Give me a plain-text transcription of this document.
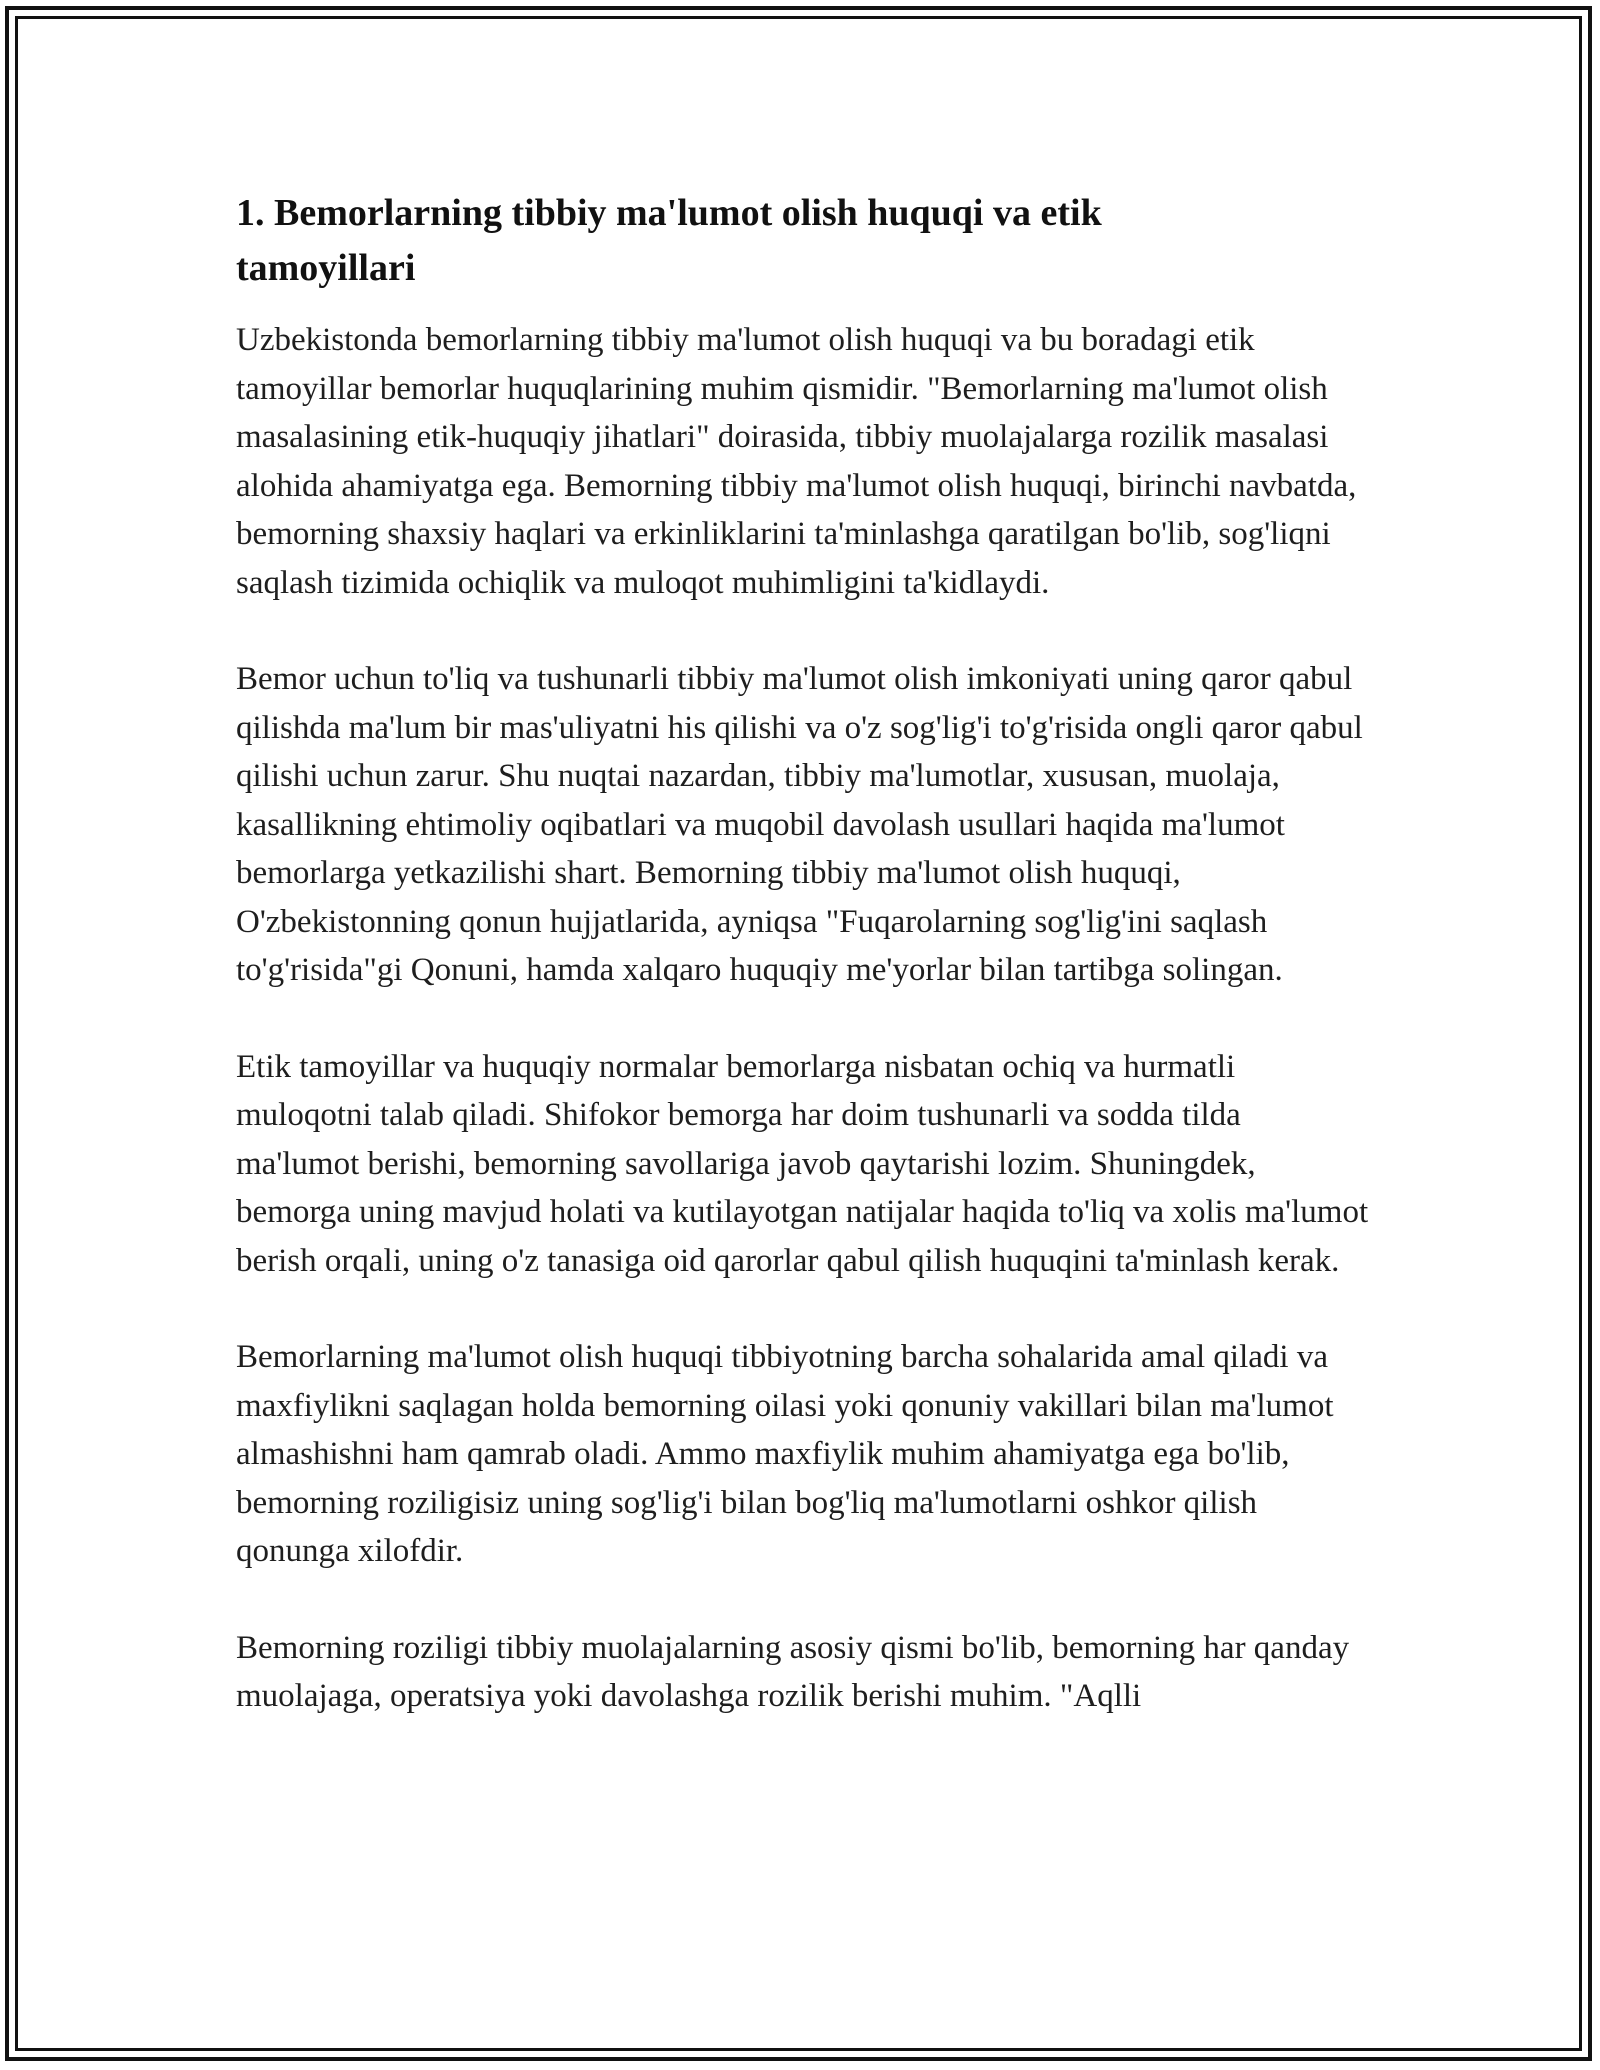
1. Bemorlarning tibbiy ma'lumot olish huquqi va etik tamoyillari

Uzbekistonda bemorlarning tibbiy ma'lumot olish huquqi va bu boradagi etik tamoyillar bemorlar huquqlarining muhim qismidir. "Bemorlarning ma'lumot olish masalasining etik-huquqiy jihatlari" doirasida, tibbiy muolajalarga rozilik masalasi alohida ahamiyatga ega. Bemorning tibbiy ma'lumot olish huquqi, birinchi navbatda, bemorning shaxsiy haqlari va erkinliklarini ta'minlashga qaratilgan bo'lib, sog'liqni saqlash tizimida ochiqlik va muloqot muhimligini ta'kidlaydi.

Bemor uchun to'liq va tushunarli tibbiy ma'lumot olish imkoniyati uning qaror qabul qilishda ma'lum bir mas'uliyatni his qilishi va o'z sog'lig'i to'g'risida ongli qaror qabul qilishi uchun zarur. Shu nuqtai nazardan, tibbiy ma'lumotlar, xususan, muolaja, kasallikning ehtimoliy oqibatlari va muqobil davolash usullari haqida ma'lumot bemorlarga yetkazilishi shart. Bemorning tibbiy ma'lumot olish huquqi, O'zbekistonning qonun hujjatlarida, ayniqsa "Fuqarolarning sog'lig'ini saqlash to'g'risida"gi Qonuni, hamda xalqaro huquqiy me'yorlar bilan tartibga solingan.

Etik tamoyillar va huquqiy normalar bemorlarga nisbatan ochiq va hurmatli muloqotni talab qiladi. Shifokor bemorga har doim tushunarli va sodda tilda ma'lumot berishi, bemorning savollariga javob qaytarishi lozim. Shuningdek, bemorga uning mavjud holati va kutilayotgan natijalar haqida to'liq va xolis ma'lumot berish orqali, uning o'z tanasiga oid qarorlar qabul qilish huquqini ta'minlash kerak.

Bemorlarning ma'lumot olish huquqi tibbiyotning barcha sohalarida amal qiladi va maxfiylikni saqlagan holda bemorning oilasi yoki qonuniy vakillari bilan ma'lumot almashishni ham qamrab oladi. Ammo maxfiylik muhim ahamiyatga ega bo'lib, bemorning roziligisiz uning sog'lig'i bilan bog'liq ma'lumotlarni oshkor qilish qonunga xilofdir.

Bemorning roziligi tibbiy muolajalarning asosiy qismi bo'lib, bemorning har qanday muolajaga, operatsiya yoki davolashga rozilik berishi muhim. "Aqlli
